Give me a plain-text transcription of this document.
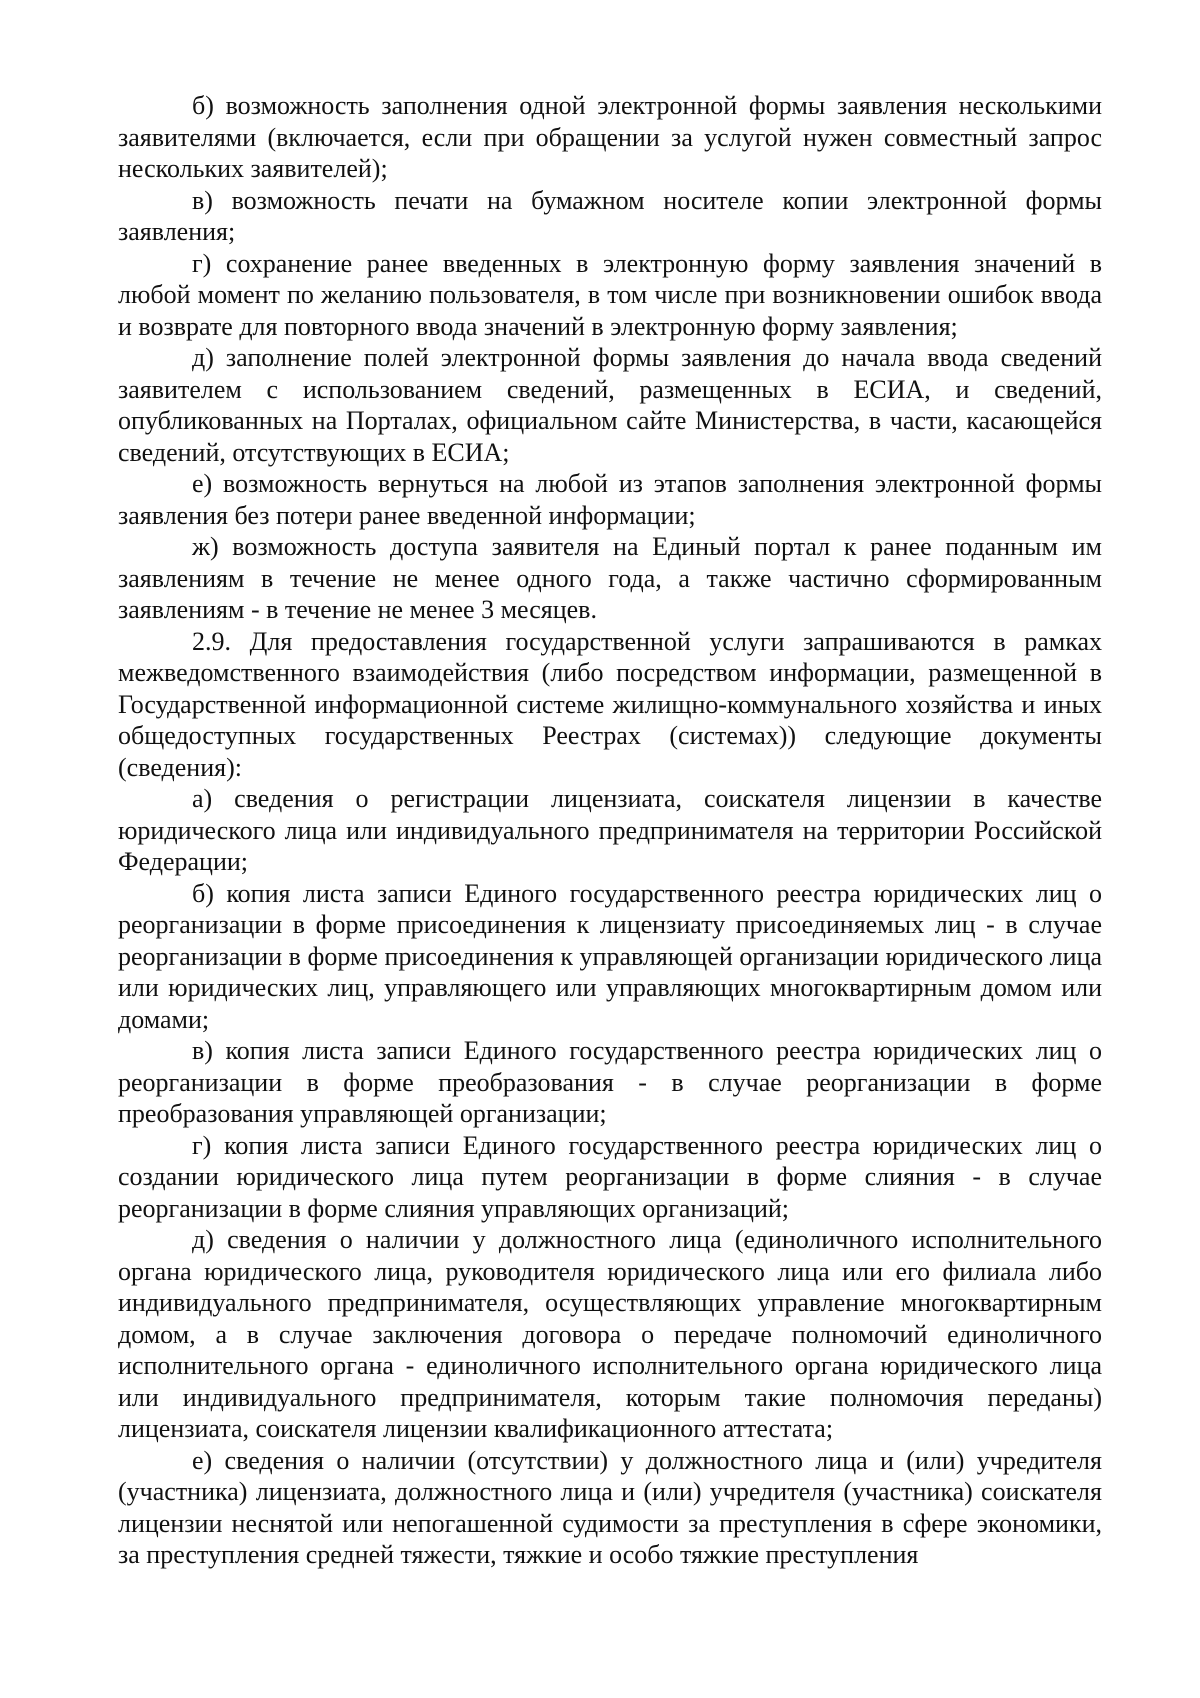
б) возможность заполнения одной электронной формы заявления несколькими заявителями (включается, если при обращении за услугой нужен совместный запрос нескольких заявителей);

в) возможность печати на бумажном носителе копии электронной формы заявления;

г) сохранение ранее введенных в электронную форму заявления значений в любой момент по желанию пользователя, в том числе при возникновении ошибок ввода и возврате для повторного ввода значений в электронную форму заявления;

д) заполнение полей электронной формы заявления до начала ввода сведений заявителем с использованием сведений, размещенных в ЕСИА, и сведений, опубликованных на Порталах, официальном сайте Министерства, в части, касающейся сведений, отсутствующих в ЕСИА;

е) возможность вернуться на любой из этапов заполнения электронной формы заявления без потери ранее введенной информации;

ж) возможность доступа заявителя на Единый портал к ранее поданным им заявлениям в течение не менее одного года, а также частично сформированным заявлениям - в течение не менее 3 месяцев.

2.9. Для предоставления государственной услуги запрашиваются в рамках межведомственного взаимодействия (либо посредством информации, размещенной в Государственной информационной системе жилищно-коммунального хозяйства и иных общедоступных государственных Реестрах (системах)) следующие документы (сведения):

а) сведения о регистрации лицензиата, соискателя лицензии в качестве юридического лица или индивидуального предпринимателя на территории Российской Федерации;

б) копия листа записи Единого государственного реестра юридических лиц о реорганизации в форме присоединения к лицензиату присоединяемых лиц - в случае реорганизации в форме присоединения к управляющей организации юридического лица или юридических лиц, управляющего или управляющих многоквартирным домом или домами;

в) копия листа записи Единого государственного реестра юридических лиц о реорганизации в форме преобразования - в случае реорганизации в форме преобразования управляющей организации;

г) копия листа записи Единого государственного реестра юридических лиц о создании юридического лица путем реорганизации в форме слияния - в случае реорганизации в форме слияния управляющих организаций;

д) сведения о наличии у должностного лица (единоличного исполнительного органа юридического лица, руководителя юридического лица или его филиала либо индивидуального предпринимателя, осуществляющих управление многоквартирным домом, а в случае заключения договора о передаче полномочий единоличного исполнительного органа - единоличного исполнительного органа юридического лица или индивидуального предпринимателя, которым такие полномочия переданы) лицензиата, соискателя лицензии квалификационного аттестата;

е) сведения о наличии (отсутствии) у должностного лица и (или) учредителя (участника) лицензиата, должностного лица и (или) учредителя (участника) соискателя лицензии неснятой или непогашенной судимости за преступления в сфере экономики, за преступления средней тяжести, тяжкие и особо тяжкие преступления
